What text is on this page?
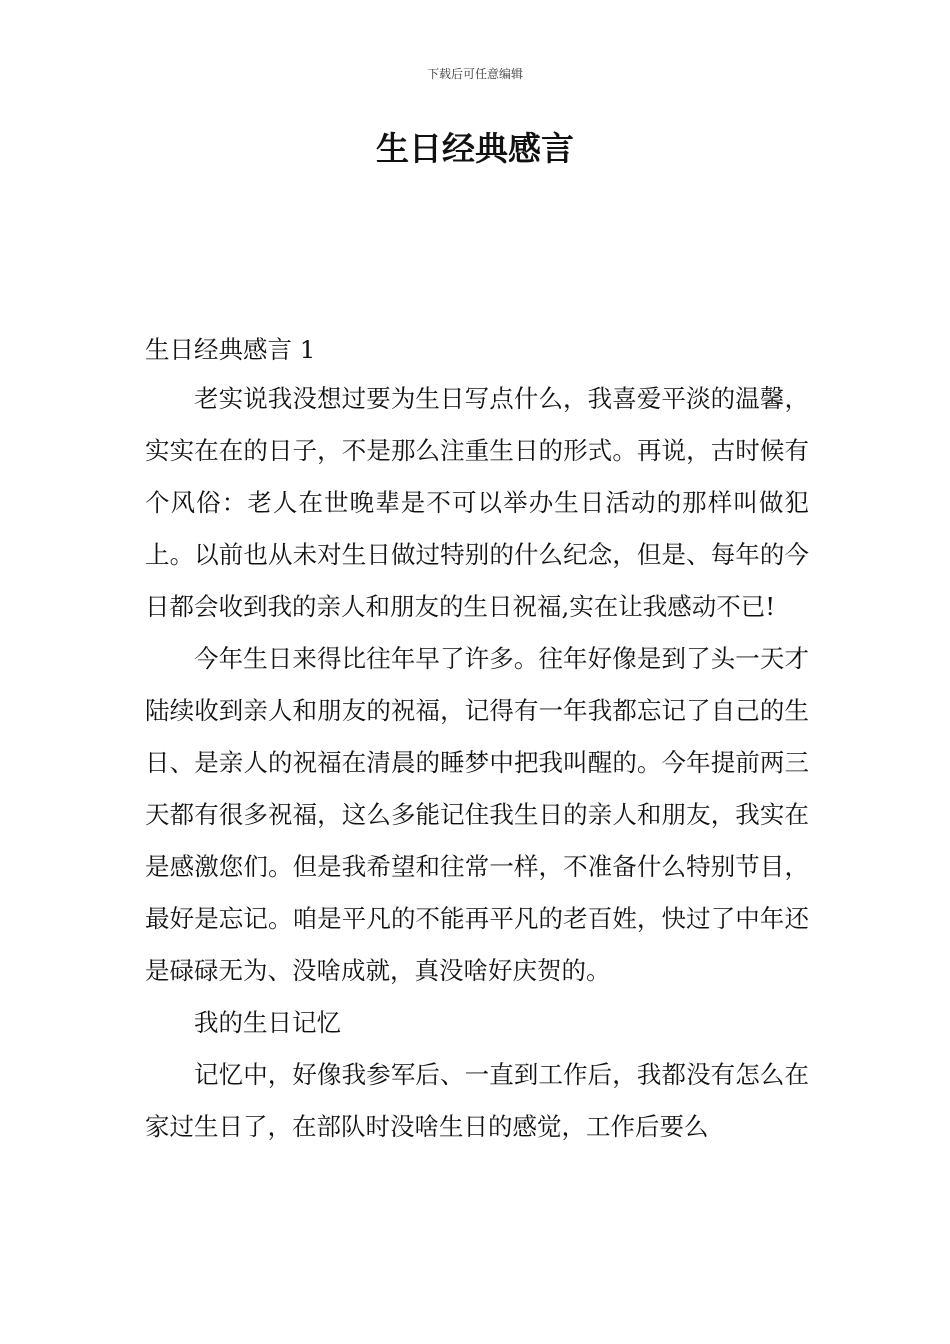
下载后可任意编辑
生日经典感言
生日经典感言 1

老实说我没想过要为生日写点什么，我喜爱平淡的温馨，实实在在的日子，不是那么注重生日的形式。再说，古时候有个风俗：老人在世晚辈是不可以举办生日活动的那样叫做犯上。以前也从未对生日做过特别的什么纪念，但是、每年的今日都会收到我的亲人和朋友的生日祝福,实在让我感动不已!

今年生日来得比往年早了许多。往年好像是到了头一天才陆续收到亲人和朋友的祝福，记得有一年我都忘记了自己的生日、是亲人的祝福在清晨的睡梦中把我叫醒的。今年提前两三天都有很多祝福，这么多能记住我生日的亲人和朋友，我实在是感激您们。但是我希望和往常一样，不准备什么特别节目，最好是忘记。咱是平凡的不能再平凡的老百姓，快过了中年还是碌碌无为、没啥成就，真没啥好庆贺的。

我的生日记忆

记忆中，好像我参军后、一直到工作后，我都没有怎么在家过生日了，在部队时没啥生日的感觉，工作后要么
